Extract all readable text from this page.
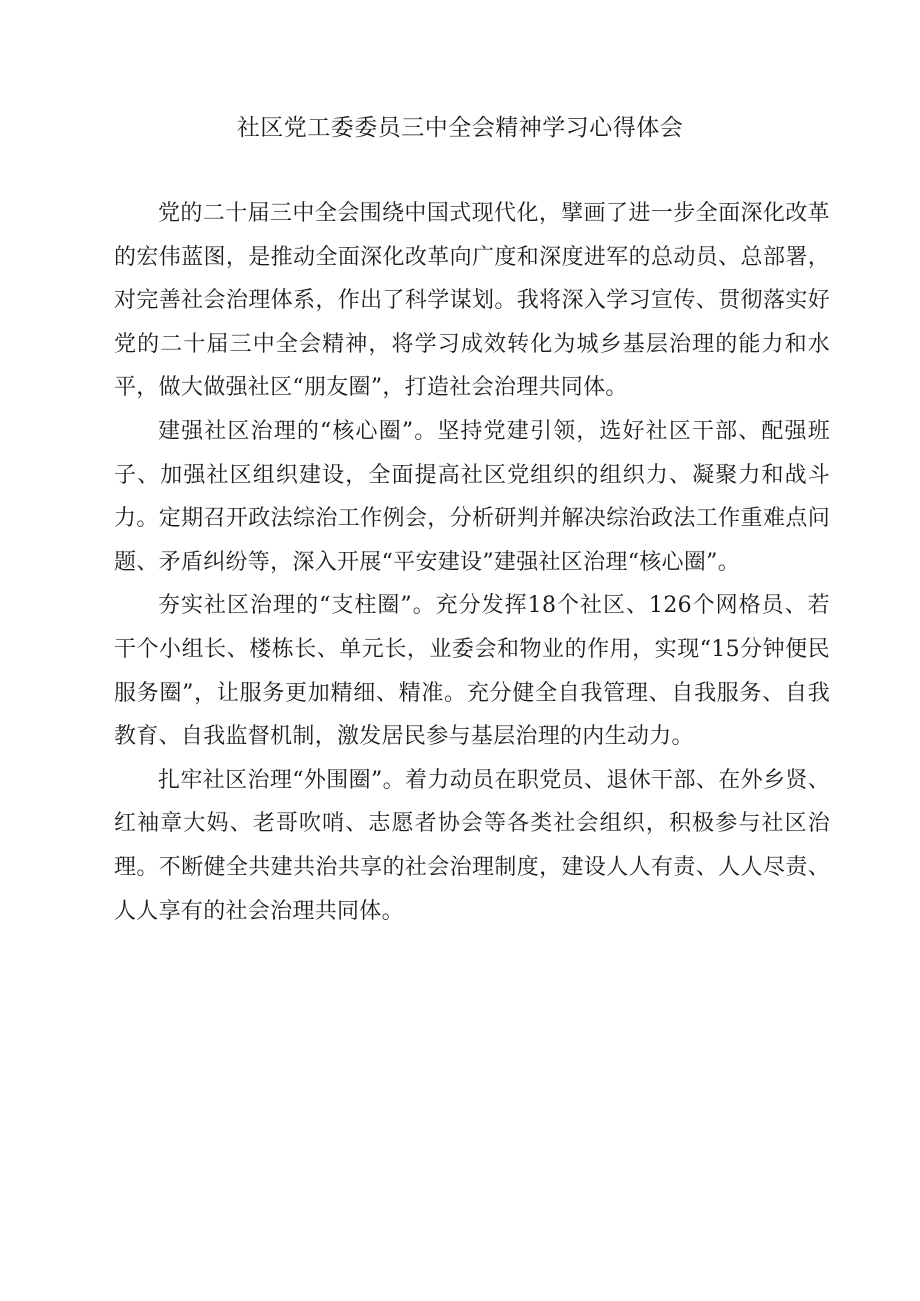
社区党工委委员三中全会精神学习心得体会

党的二十届三中全会围绕中国式现代化，擘画了进一步全面深化改革的宏伟蓝图，是推动全面深化改革向广度和深度进军的总动员、总部署，对完善社会治理体系，作出了科学谋划。我将深入学习宣传、贯彻落实好党的二十届三中全会精神，将学习成效转化为城乡基层治理的能力和水平，做大做强社区“朋友圈”，打造社会治理共同体。

建强社区治理的“核心圈”。坚持党建引领，选好社区干部、配强班子、加强社区组织建设，全面提高社区党组织的组织力、凝聚力和战斗力。定期召开政法综治工作例会，分析研判并解决综治政法工作重难点问题、矛盾纠纷等，深入开展“平安建设”建强社区治理“核心圈”。

夯实社区治理的“支柱圈”。充分发挥18个社区、126个网格员、若干个小组长、楼栋长、单元长，业委会和物业的作用，实现“15分钟便民服务圈”，让服务更加精细、精准。充分健全自我管理、自我服务、自我教育、自我监督机制，激发居民参与基层治理的内生动力。

扎牢社区治理“外围圈”。着力动员在职党员、退休干部、在外乡贤、红袖章大妈、老哥吹哨、志愿者协会等各类社会组织，积极参与社区治理。不断健全共建共治共享的社会治理制度，建设人人有责、人人尽责、人人享有的社会治理共同体。
